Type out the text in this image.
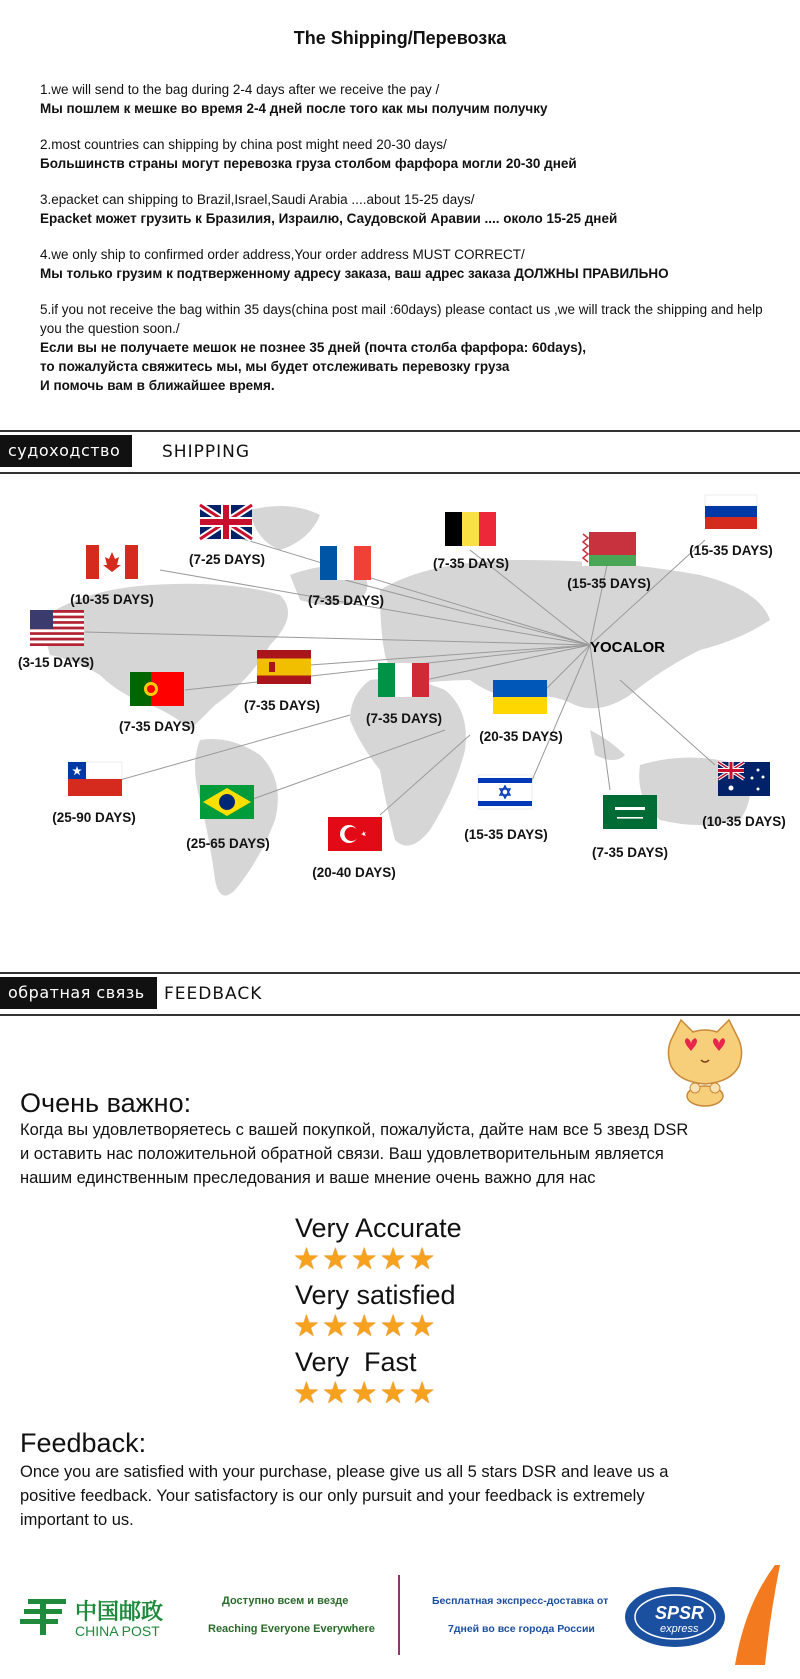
The Shipping/Перевозка
1.we will send to the bag during 2-4 days after we receive the pay /
Мы пошлем к мешке во время 2-4 дней после того как мы получим получку
2.most countries can shipping by china post might need 20-30 days/
Большинств страны могут перевозка груза столбом фарфора могли 20-30 дней
3.epacket can shipping to Brazil,Israel,Saudi Arabia ....about 15-25 days/
Epacket может грузить к Бразилия, Израилю, Саудовской Аравии .... около 15-25 дней
4.we only ship to confirmed order address,Your order address MUST CORRECT/
Мы только грузим к подтверженному адресу заказа, ваш адрес заказа ДОЛЖНЫ ПРАВИЛЬНО
5.if you not receive the bag within 35 days(china post mail :60days) please contact us ,we will track the shipping and help you the question soon./
Если вы не получаете мешок не познее 35 дней (почта столба фарфора: 60days),
то пожалуйста свяжитесь мы, мы будет отслеживать перевозку груза
И помочь вам в ближайшее время.
судоходство	SHIPPING
YOCALOR
(7-25 DAYS)
(10-35 DAYS)	(7-35 DAYS)
(7-35 DAYS)
(15-35 DAYS)
(15-35 DAYS)
(3-15 DAYS)
(7-35 DAYS)
(7-35 DAYS)
(7-35 DAYS)
(20-35 DAYS)
(25-90 DAYS)
(25-65 DAYS)
(20-40 DAYS)
(15-35 DAYS)
(7-35 DAYS)
(10-35 DAYS)
обратная связь	FEEDBACK
Очень важно:
Когда вы удовлетворяетесь с вашей покупкой, пожалуйста, дайте нам все 5 звезд DSR
и оставить нас положительной обратной связи. Ваш удовлетворительным является
нашим единственным преследования и ваше мнение очень важно для нас
Very Accurate
★★★★★
Very satisfied
★★★★★
Very  Fast
★★★★★
Feedback:
Once you are satisfied with your purchase, please give us all 5 stars DSR and leave us a
positive feedback. Your satisfactory is our only pursuit and your feedback is extremely
important to us.
中国邮政
CHINA POST
Доступно всем и везде
Reaching Everyone Everywhere
Бесплатная экспресс-доставка от
7дней во все города России
SPSR
express
